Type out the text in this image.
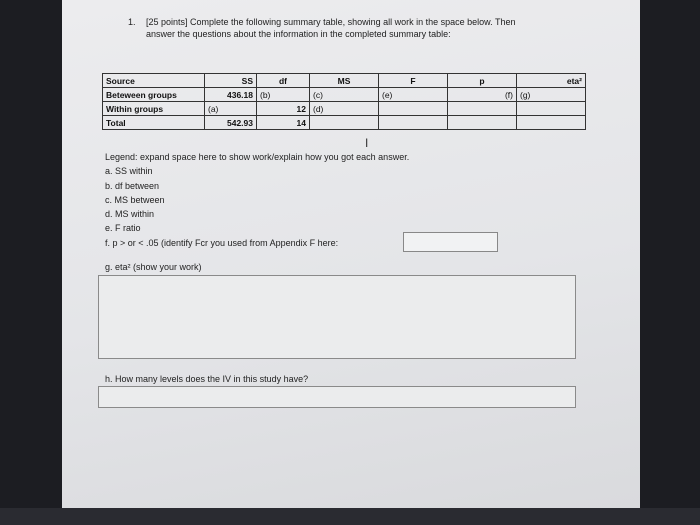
1. [25 points] Complete the following summary table, showing all work in the space below. Then
answer the questions about the information in the completed summary table:
Source	SS	df	MS	F	p	eta²
Beteween groups	436.18	(b)	(c)	(e)	(f)	(g)
Within groups	(a)	12	(d)			
Total	542.93	14				
I
Legend: expand space here to show work/explain how you got each answer.
a. SS within
b. df between
c. MS between
d. MS within
e. F ratio
f. p > or < .05 (identify Fcr you used from Appendix F here:
g. eta² (show your work)
h. How many levels does the IV in this study have?
